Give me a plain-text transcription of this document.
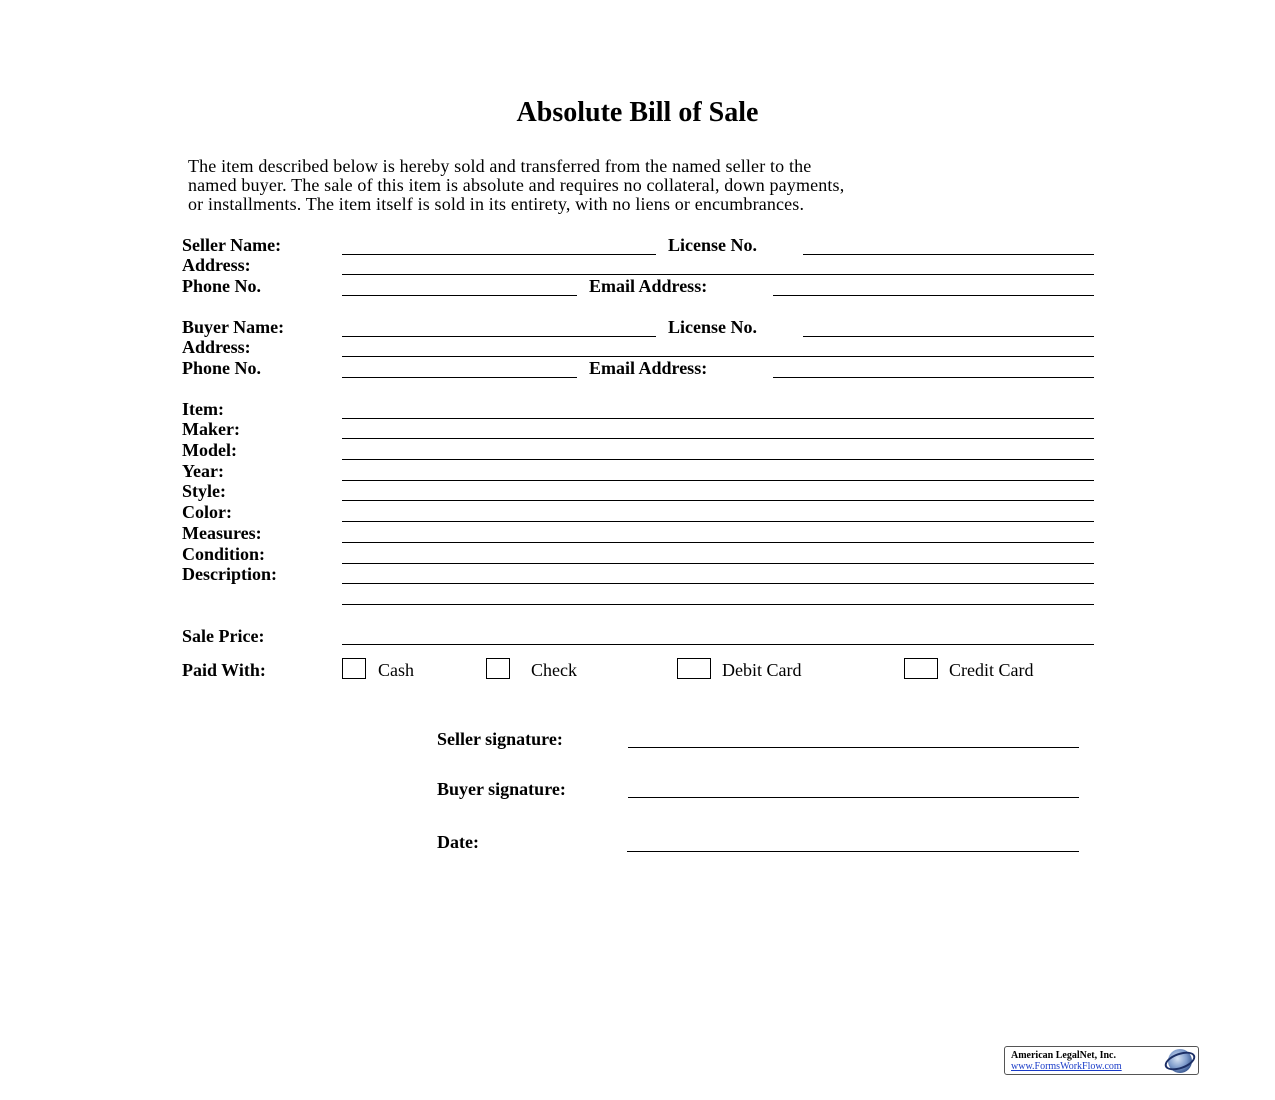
Absolute Bill of Sale
The item described below is hereby sold and transferred from the named seller to the
named buyer. The sale of this item is absolute and requires no collateral, down payments,
or installments. The item itself is sold in its entirety, with no liens or encumbrances.
Seller Name:	License No.
Address:
Phone No.	Email Address:
Buyer Name:	License No.
Address:
Phone No.	Email Address:
Item:
Maker:
Model:
Year:
Style:
Color:
Measures:
Condition:
Description:
Sale Price:
Paid With:	Cash	Check	Debit Card	Credit Card
Seller signature:
Buyer signature:
Date:
American LegalNet, Inc.
www.FormsWorkFlow.com
